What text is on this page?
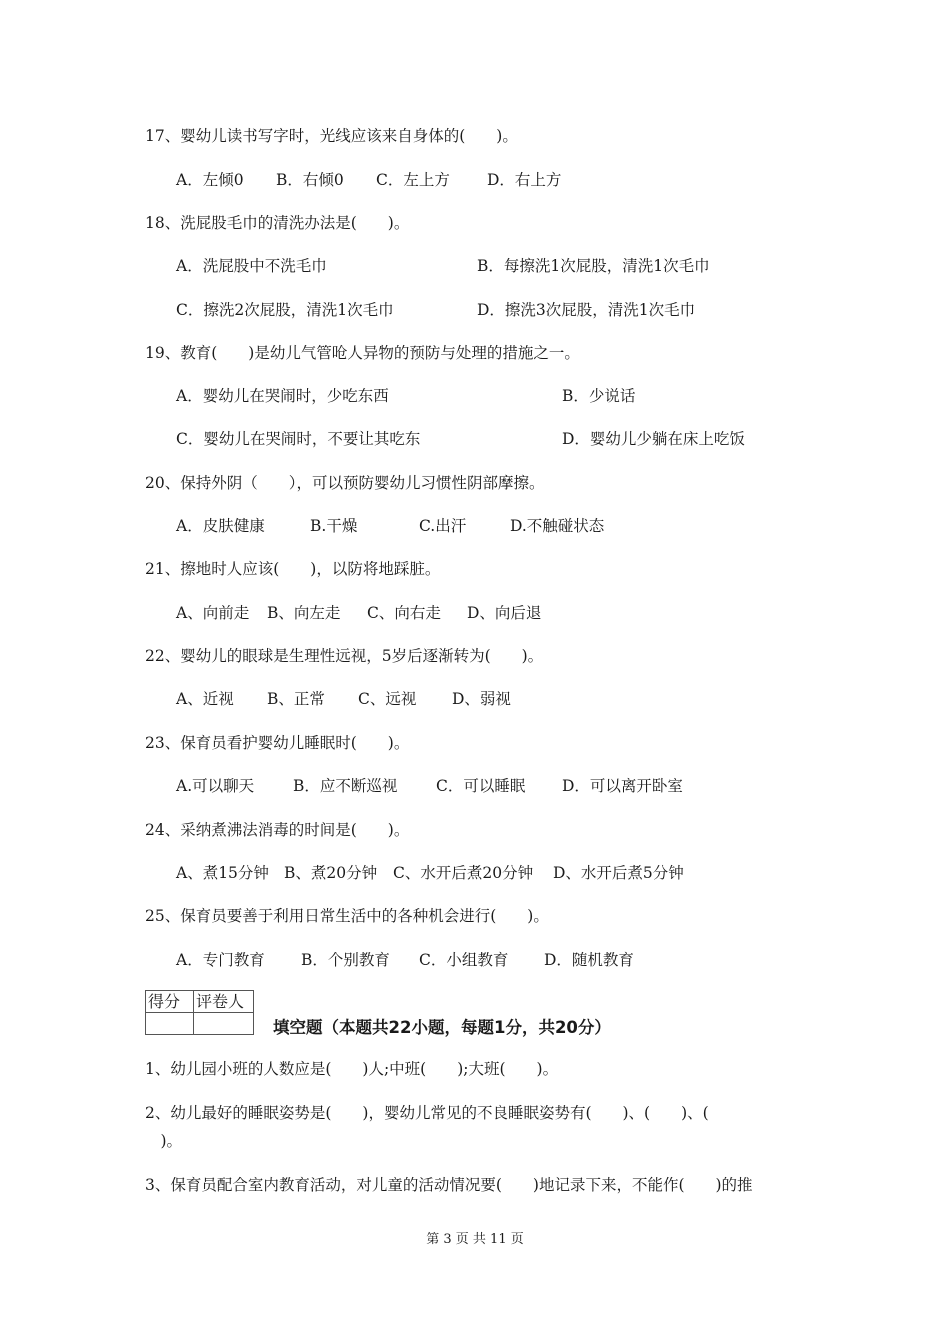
17、婴幼儿读书写字时，光线应该来自身体的(　　)。
A．左倾0 B．右倾0 C．左上方 D．右上方
18、洗屁股毛巾的清洗办法是(　　)。
A．洗屁股中不洗毛巾	B．每擦洗1次屁股，清洗1次毛巾
C．擦洗2次屁股，清洗1次毛巾	D．擦洗3次屁股，清洗1次毛巾
19、教育(　　)是幼儿气管呛人异物的预防与处理的措施之一。
A．婴幼儿在哭闹时，少吃东西	B．少说话
C．婴幼儿在哭闹时，不要让其吃东	D．婴幼儿少躺在床上吃饭
20、保持外阴（　　），可以预防婴幼儿习惯性阴部摩擦。
A．皮肤健康	B.干燥	C.出汗	D.不触碰状态
21、擦地时人应该(　　)，以防将地踩脏。
A、向前走 B、向左走 C、向右走 D、向后退
22、婴幼儿的眼球是生理性远视，5岁后逐渐转为(　　)。
A、近视 B、正常 C、远视 D、弱视
23、保育员看护婴幼儿睡眠时(　　)。
A.可以聊天	B．应不断巡视 C．可以睡眠 D．可以离开卧室
24、采纳煮沸法消毒的时间是(　　)。
A、煮15分钟 B、煮20分钟 C、水开后煮20分钟 D、水开后煮5分钟
25、保育员要善于利用日常生活中的各种机会进行(　　)。
A．专门教育 B．个别教育 C．小组教育 D．随机教育
得分	评卷人

填空题（本题共22小题，每题1分，共20分）
1、幼儿园小班的人数应是(　　)人;中班(　　);大班(　　)。
2、幼儿最好的睡眠姿势是(　　)，婴幼儿常见的不良睡眠姿势有(　　)、(　　)、(
　)。
3、保育员配合室内教育活动，对儿童的活动情况要(　　)地记录下来，不能作(　　)的推
第 3 页 共 11 页
